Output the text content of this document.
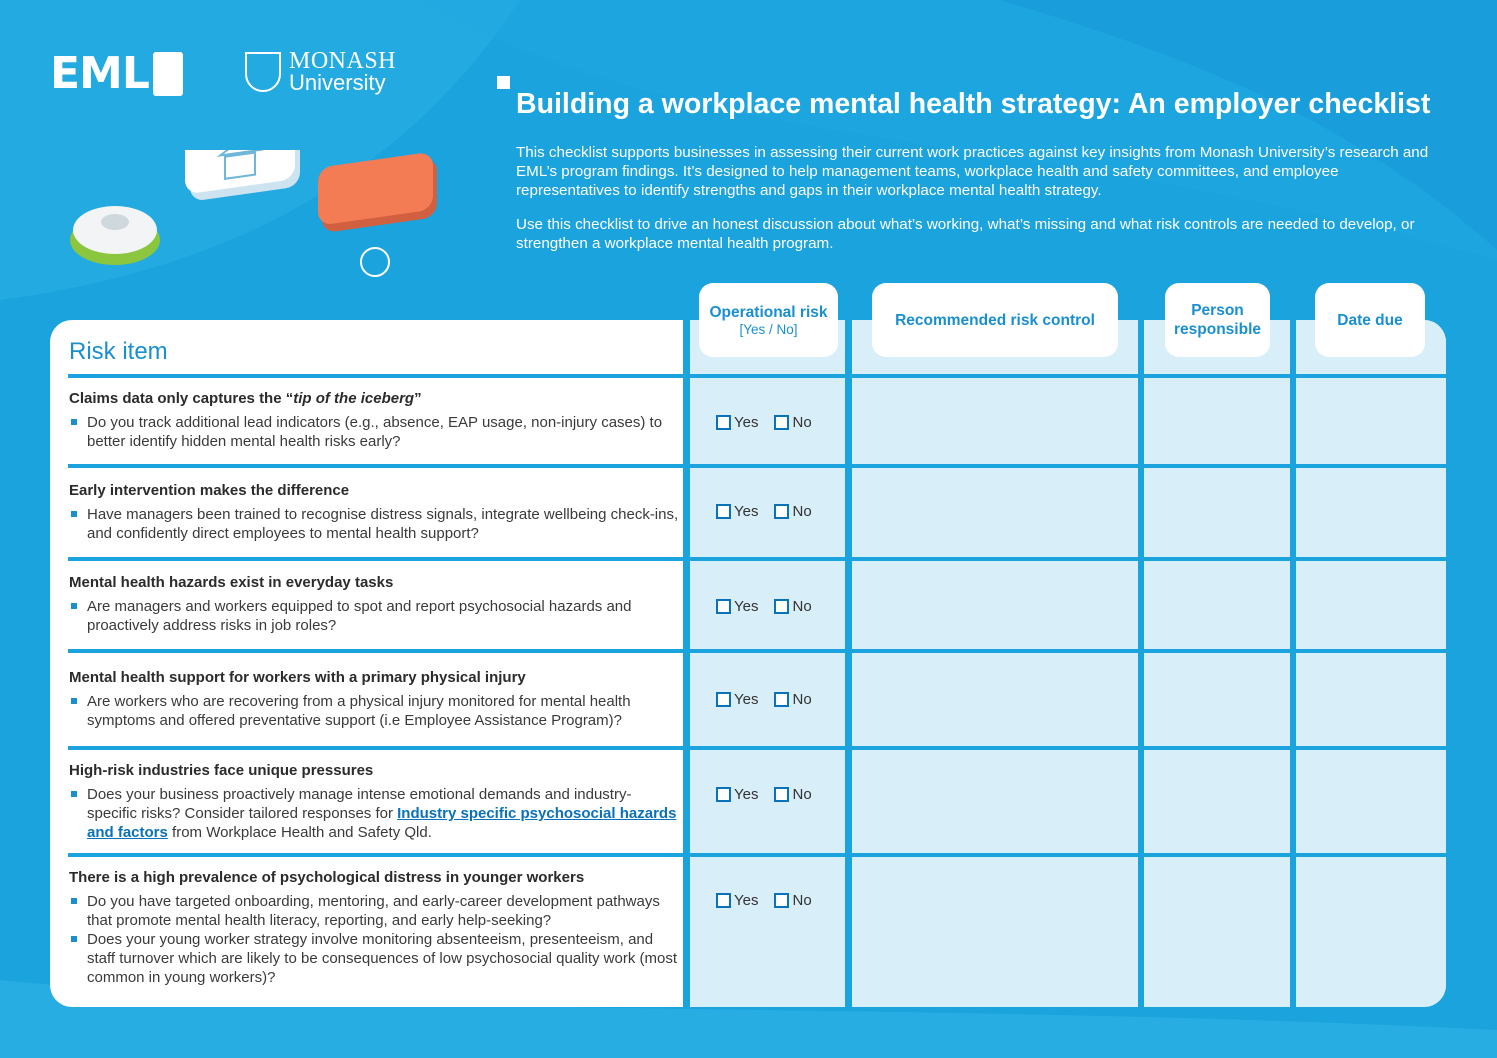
EML	MONASH
University
Building a workplace mental health strategy: An employer checklist

This checklist supports businesses in assessing their current work practices against key insights from Monash University’s research and EML’s program findings. It’s designed to help management teams, workplace health and safety committees, and employee representatives to identify strengths and gaps in their workplace mental health strategy.

Use this checklist to drive an honest discussion about what’s working, what’s missing and what risk controls are needed to develop, or strengthen a workplace mental health program.

Risk item
Operational risk
[Yes / No]
Recommended risk control
Person
responsible
Date due
Claims data only captures the “tip of the iceberg”
Do you track additional lead indicators (e.g., absence, EAP usage, non-injury cases) to better identify hidden mental health risks early?
Yes No
Early intervention makes the difference
Have managers been trained to recognise distress signals, integrate wellbeing check-ins, and confidently direct employees to mental health support?
Yes No
Mental health hazards exist in everyday tasks
Are managers and workers equipped to spot and report psychosocial hazards and proactively address risks in job roles?
Yes No
Mental health support for workers with a primary physical injury
Are workers who are recovering from a physical injury monitored for mental health symptoms and offered preventative support (i.e Employee Assistance Program)?
Yes No
High-risk industries face unique pressures
Does your business proactively manage intense emotional demands and industry-specific risks? Consider tailored responses for Industry specific psychosocial hazards and factors from Workplace Health and Safety Qld.
Yes No
There is a high prevalence of psychological distress in younger workers
Do you have targeted onboarding, mentoring, and early-career development pathways that promote mental health literacy, reporting, and early help-seeking?
Does your young worker strategy involve monitoring absenteeism, presenteeism, and staff turnover which are likely to be consequences of low psychosocial quality work (most common in young workers)?
Yes No
